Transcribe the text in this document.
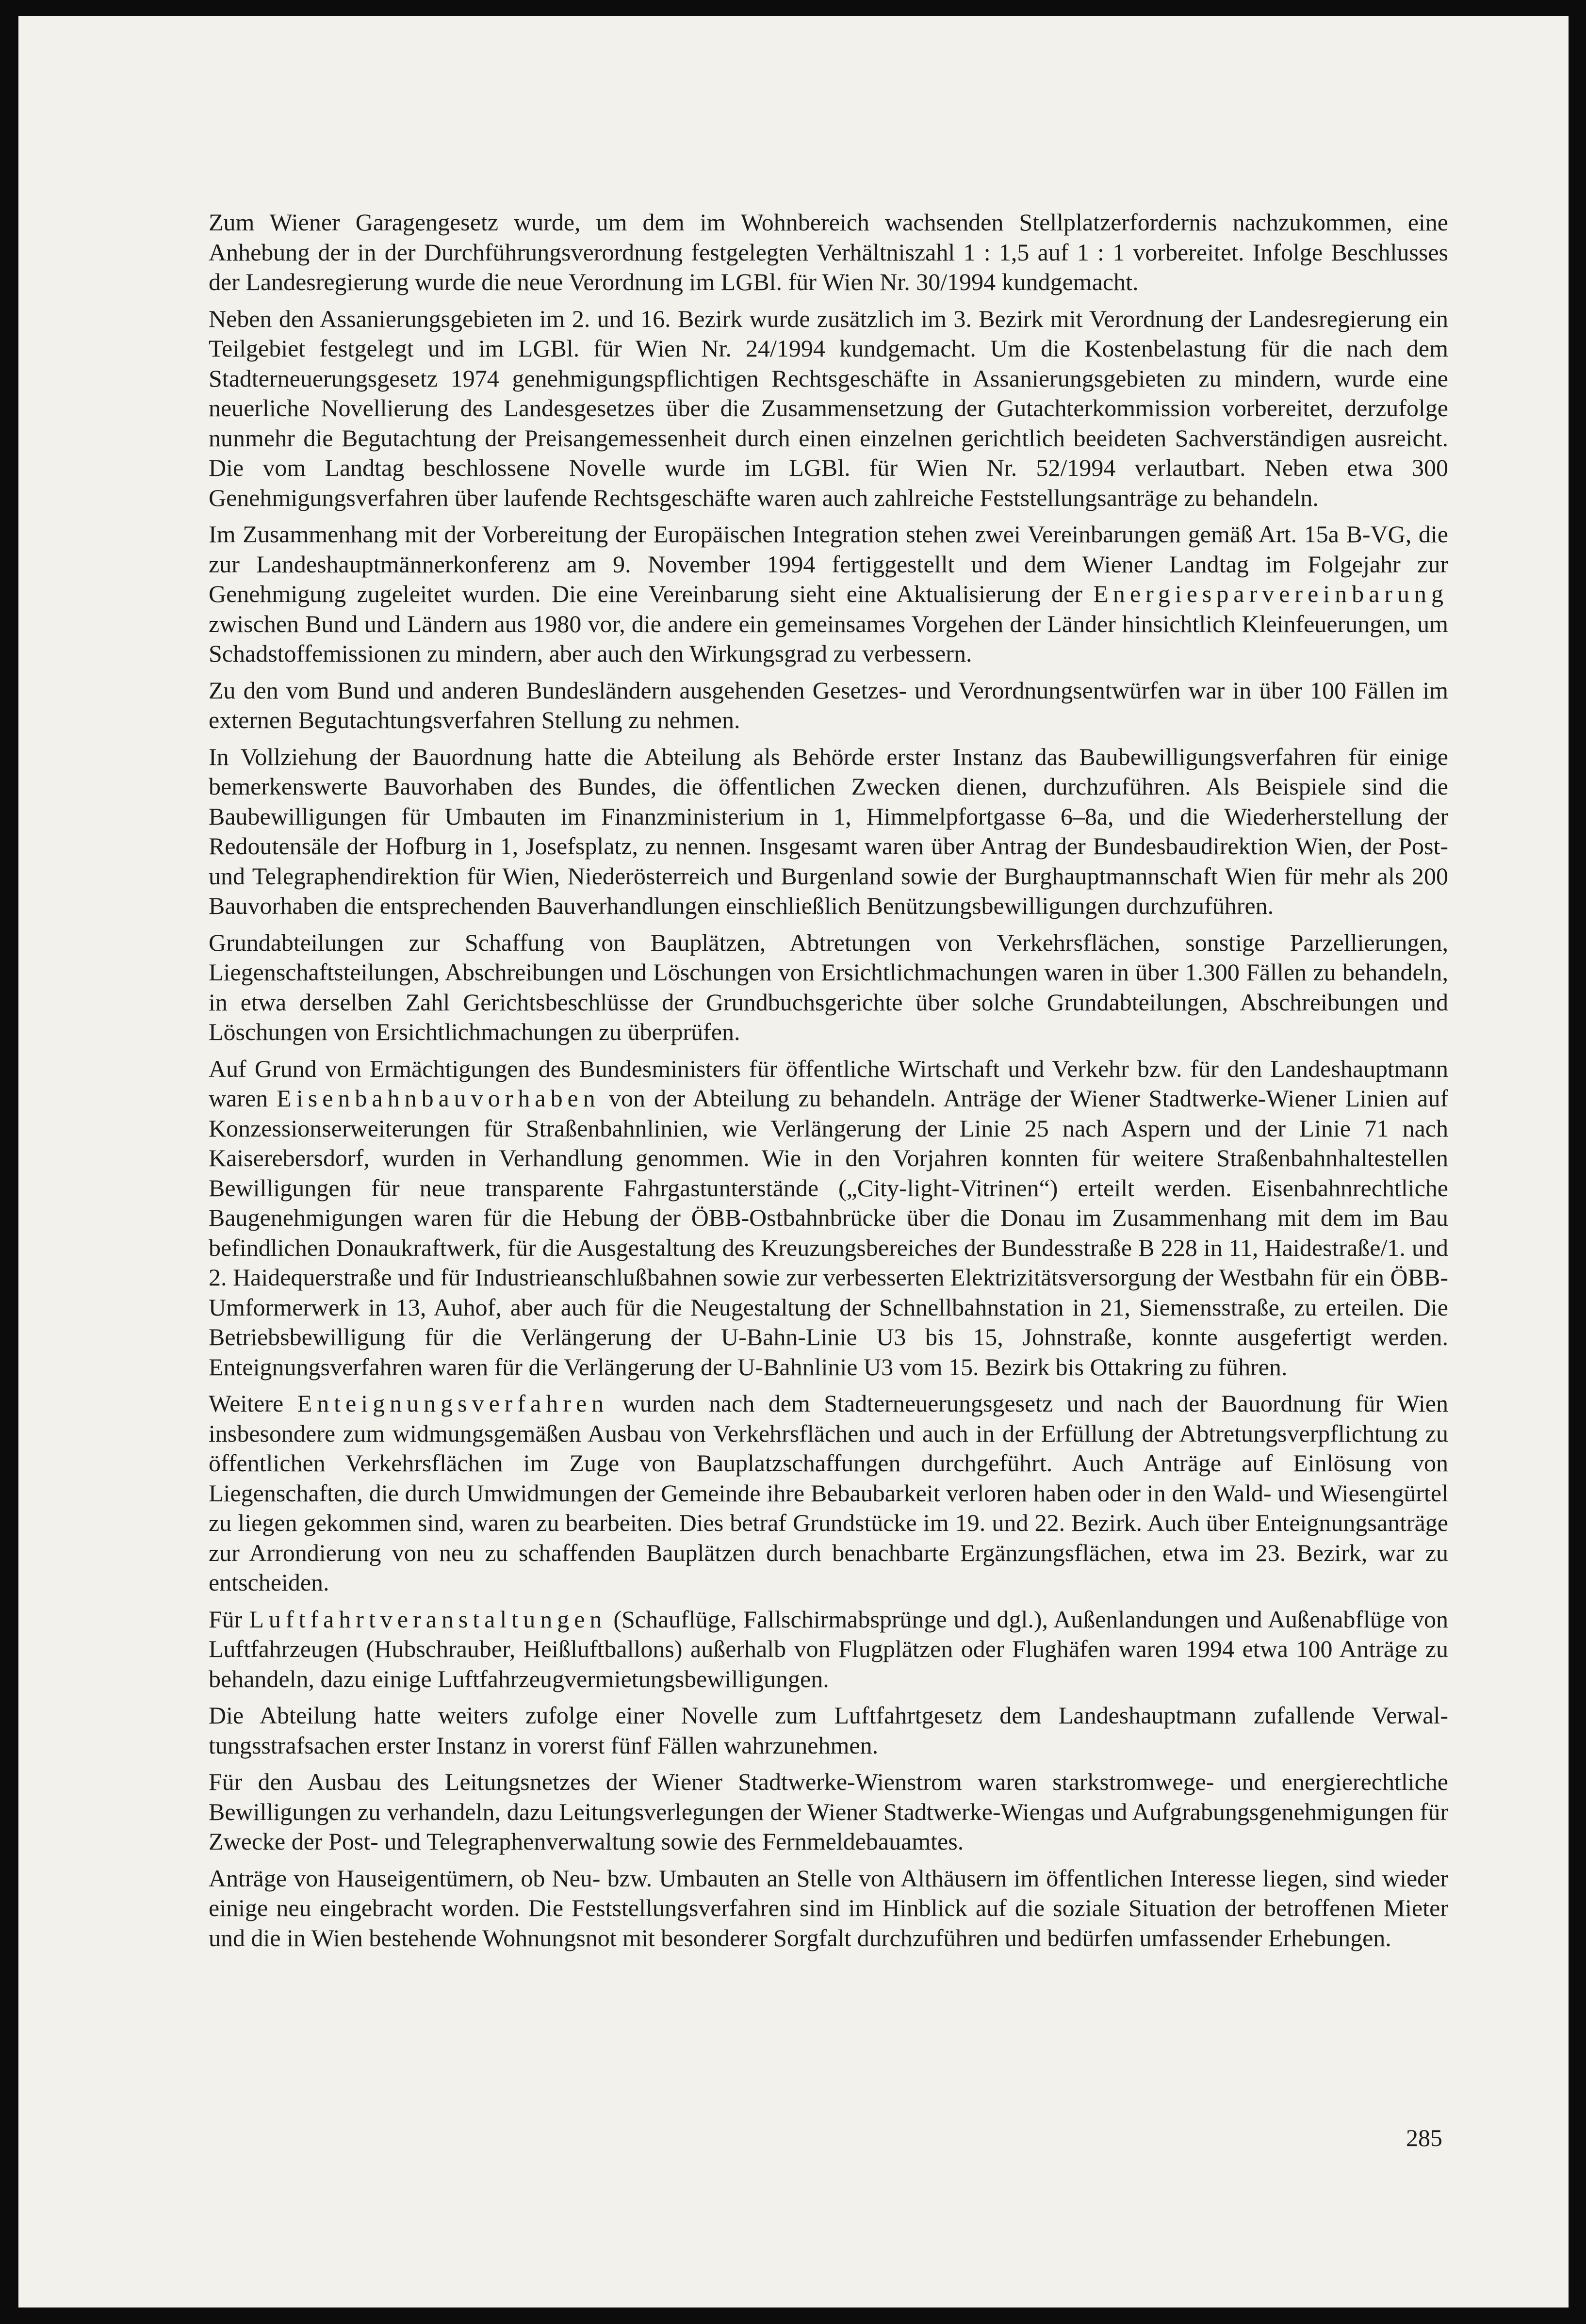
Zum Wiener Garagengesetz wurde, um dem im Wohnbereich wachsenden Stellplatzerfordernis nachzukommen, eine Anhebung der in der Durchführungsverordnung festgelegten Verhältniszahl 1 : 1,5 auf 1 : 1 vorbereitet. Infolge Beschlusses der Landesregierung wurde die neue Verordnung im LGBl. für Wien Nr. 30/1994 kundgemacht.

Neben den Assanierungsgebieten im 2. und 16. Bezirk wurde zusätzlich im 3. Bezirk mit Verordnung der Landesregierung ein Teilgebiet festgelegt und im LGBl. für Wien Nr. 24/1994 kundgemacht. Um die Kostenbelastung für die nach dem Stadterneuerungsgesetz 1974 genehmigungspflichtigen Rechtsgeschäfte in Assanierungsgebieten zu mindern, wurde eine neuerliche Novellierung des Landesgesetzes über die Zusammensetzung der Gutachterkommission vorbereitet, derzufolge nunmehr die Begutachtung der Preisangemessenheit durch einen einzelnen gerichtlich beeideten Sachverständigen ausreicht. Die vom Landtag beschlossene Novelle wurde im LGBl. für Wien Nr. 52/1994 verlautbart. Neben etwa 300 Genehmigungsverfahren über laufende Rechtsgeschäfte waren auch zahlreiche Feststellungsanträge zu behandeln.

Im Zusammenhang mit der Vorbereitung der Europäischen Integration stehen zwei Vereinbarungen gemäß Art. 15a B-VG, die zur Landeshauptmännerkonferenz am 9. November 1994 fertiggestellt und dem Wiener Landtag im Folgejahr zur Genehmigung zugeleitet wurden. Die eine Vereinbarung sieht eine Aktualisierung der Energiesparvereinbarung zwischen Bund und Ländern aus 1980 vor, die andere ein gemeinsames Vorgehen der Länder hinsichtlich Kleinfeuerungen, um Schadstoffemissionen zu mindern, aber auch den Wirkungsgrad zu verbessern.

Zu den vom Bund und anderen Bundesländern ausgehenden Gesetzes- und Verordnungsentwürfen war in über 100 Fällen im externen Begutachtungsverfahren Stellung zu nehmen.

In Vollziehung der Bauordnung hatte die Abteilung als Behörde erster Instanz das Baubewilligungsverfahren für einige bemerkenswerte Bauvorhaben des Bundes, die öffentlichen Zwecken dienen, durchzuführen. Als Beispiele sind die Baubewilligungen für Umbauten im Finanzministerium in 1, Himmelpfortgasse 6–8a, und die Wiederherstellung der Redoutensäle der Hofburg in 1, Josefsplatz, zu nennen. Insgesamt waren über Antrag der Bundesbaudirektion Wien, der Post- und Telegraphendirektion für Wien, Niederösterreich und Burgenland sowie der Burghauptmannschaft Wien für mehr als 200 Bauvorhaben die entsprechenden Bauverhandlungen einschließlich Benützungsbewilligungen durchzuführen.

Grundabteilungen zur Schaffung von Bauplätzen, Abtretungen von Verkehrsflächen, sonstige Parzellierungen, Liegenschaftsteilungen, Abschreibungen und Löschungen von Ersichtlichmachungen waren in über 1.300 Fällen zu behandeln, in etwa derselben Zahl Gerichtsbeschlüsse der Grundbuchsgerichte über solche Grundabteilungen, Abschreibungen und Löschungen von Ersichtlichmachungen zu überprüfen.

Auf Grund von Ermächtigungen des Bundesministers für öffentliche Wirtschaft und Verkehr bzw. für den Landeshauptmann waren Eisenbahnbauvorhaben von der Abteilung zu behandeln. Anträge der Wiener Stadtwerke-Wiener Linien auf Konzessionserweiterungen für Straßenbahnlinien, wie Verlängerung der Linie 25 nach Aspern und der Linie 71 nach Kaiserebersdorf, wurden in Verhandlung genommen. Wie in den Vorjahren konnten für weitere Straßenbahnhaltestellen Bewilligungen für neue transparente Fahrgastunterstände („City-light-Vitrinen“) erteilt werden. Eisenbahnrechtliche Baugenehmigungen waren für die Hebung der ÖBB-Ostbahnbrücke über die Donau im Zusammenhang mit dem im Bau befindlichen Donaukraftwerk, für die Ausgestaltung des Kreuzungsbereiches der Bundesstraße B 228 in 11, Haidestraße/1. und 2. Haidequerstraße und für Industrieanschlußbahnen sowie zur verbesserten Elektrizitätsversorgung der Westbahn für ein ÖBB-Umformerwerk in 13, Auhof, aber auch für die Neugestaltung der Schnellbahnstation in 21, Siemensstraße, zu erteilen. Die Betriebsbewilligung für die Verlängerung der U-Bahn-Linie U3 bis 15, Johnstraße, konnte ausgefertigt werden. Enteignungsverfahren waren für die Verlängerung der U-Bahnlinie U3 vom 15. Bezirk bis Ottakring zu führen.

Weitere Enteignungsverfahren wurden nach dem Stadterneuerungsgesetz und nach der Bauordnung für Wien insbesondere zum widmungsgemäßen Ausbau von Verkehrsflächen und auch in der Erfüllung der Abtretungsverpflichtung zu öffentlichen Verkehrsflächen im Zuge von Bauplatzschaffungen durchgeführt. Auch Anträge auf Einlösung von Liegenschaften, die durch Umwidmungen der Gemeinde ihre Bebaubarkeit verloren haben oder in den Wald- und Wiesengürtel zu liegen gekommen sind, waren zu bearbeiten. Dies betraf Grundstücke im 19. und 22. Bezirk. Auch über Enteignungsanträge zur Arrondierung von neu zu schaffenden Bauplätzen durch benachbarte Ergänzungsflächen, etwa im 23. Bezirk, war zu entscheiden.

Für Luftfahrtveranstaltungen (Schauflüge, Fallschirmabsprünge und dgl.), Außenlandungen und Außenabflüge von Luftfahrzeugen (Hubschrauber, Heißluftballons) außerhalb von Flugplätzen oder Flughäfen waren 1994 etwa 100 Anträge zu behandeln, dazu einige Luftfahrzeugvermietungsbewilligungen.

Die Abteilung hatte weiters zufolge einer Novelle zum Luftfahrtgesetz dem Landeshauptmann zufallende Verwaltungsstrafsachen erster Instanz in vorerst fünf Fällen wahrzunehmen.

Für den Ausbau des Leitungsnetzes der Wiener Stadtwerke-Wienstrom waren starkstromwege- und energierechtliche Bewilligungen zu verhandeln, dazu Leitungsverlegungen der Wiener Stadtwerke-Wiengas und Aufgrabungsgenehmigungen für Zwecke der Post- und Telegraphenverwaltung sowie des Fernmeldebauamtes.

Anträge von Hauseigentümern, ob Neu- bzw. Umbauten an Stelle von Althäusern im öffentlichen Interesse liegen, sind wieder einige neu eingebracht worden. Die Feststellungsverfahren sind im Hinblick auf die soziale Situation der betroffenen Mieter und die in Wien bestehende Wohnungsnot mit besonderer Sorgfalt durchzuführen und bedürfen umfassender Erhebungen.

285
